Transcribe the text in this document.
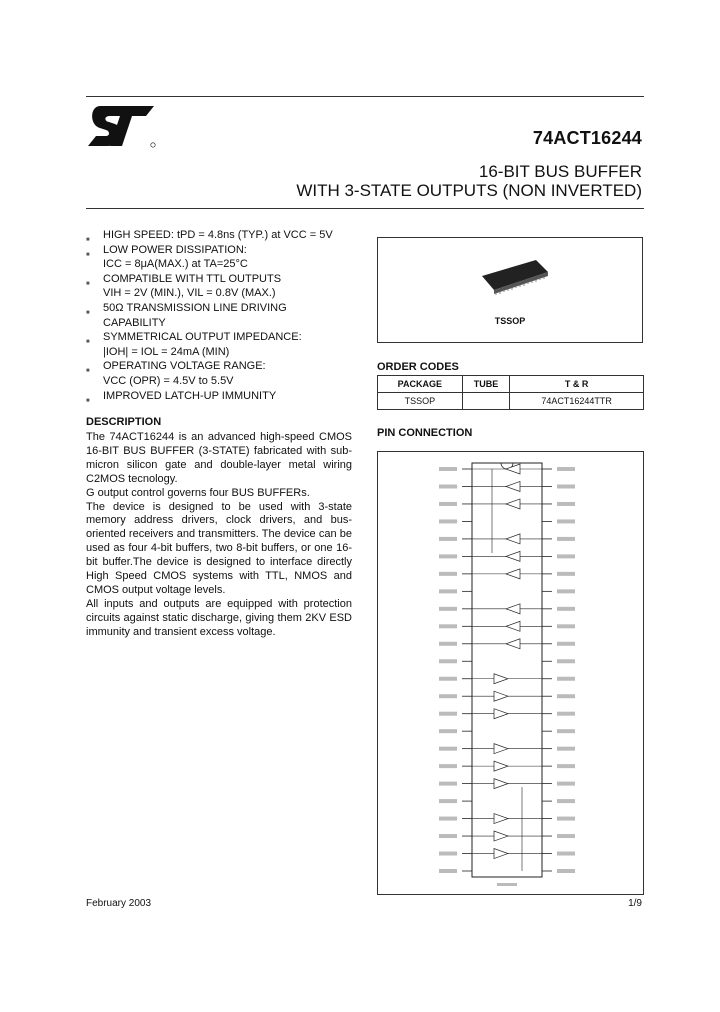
74ACT16244
16-BIT BUS BUFFER
WITH 3-STATE OUTPUTS (NON INVERTED)
■ HIGH SPEED: tPD = 4.8ns (TYP.) at VCC = 5V
■ LOW POWER DISSIPATION:
ICC = 8μA(MAX.) at TA=25°C
■ COMPATIBLE WITH TTL OUTPUTS
VIH = 2V (MIN.), VIL = 0.8V (MAX.)
■ 50Ω TRANSMISSION LINE DRIVING
CAPABILITY
■ SYMMETRICAL OUTPUT IMPEDANCE:
|IOH| = IOL = 24mA (MIN)
■ OPERATING VOLTAGE RANGE:
VCC (OPR) = 4.5V to 5.5V
■ IMPROVED LATCH-UP IMMUNITY
DESCRIPTION

The 74ACT16244 is an advanced high-speed CMOS 16-BIT BUS BUFFER (3-STATE) fabricated with sub-micron silicon gate and double-layer metal wiring C2MOS tecnology.

G output control governs four BUS BUFFERs.

The device is designed to be used with 3-state memory address drivers, clock drivers, and bus-oriented receivers and transmitters. The device can be used as four 4-bit buffers, two 8-bit buffers, or one 16-bit buffer.The device is designed to interface directly High Speed CMOS systems with TTL, NMOS and CMOS output voltage levels.

All inputs and outputs are equipped with protection circuits against static discharge, giving them 2KV ESD immunity and transient excess voltage.

TSSOP
ORDER CODES
PACKAGE	TUBE	T & R
TSSOP		74ACT16244TTR
PIN CONNECTION
February 2003	1/9
